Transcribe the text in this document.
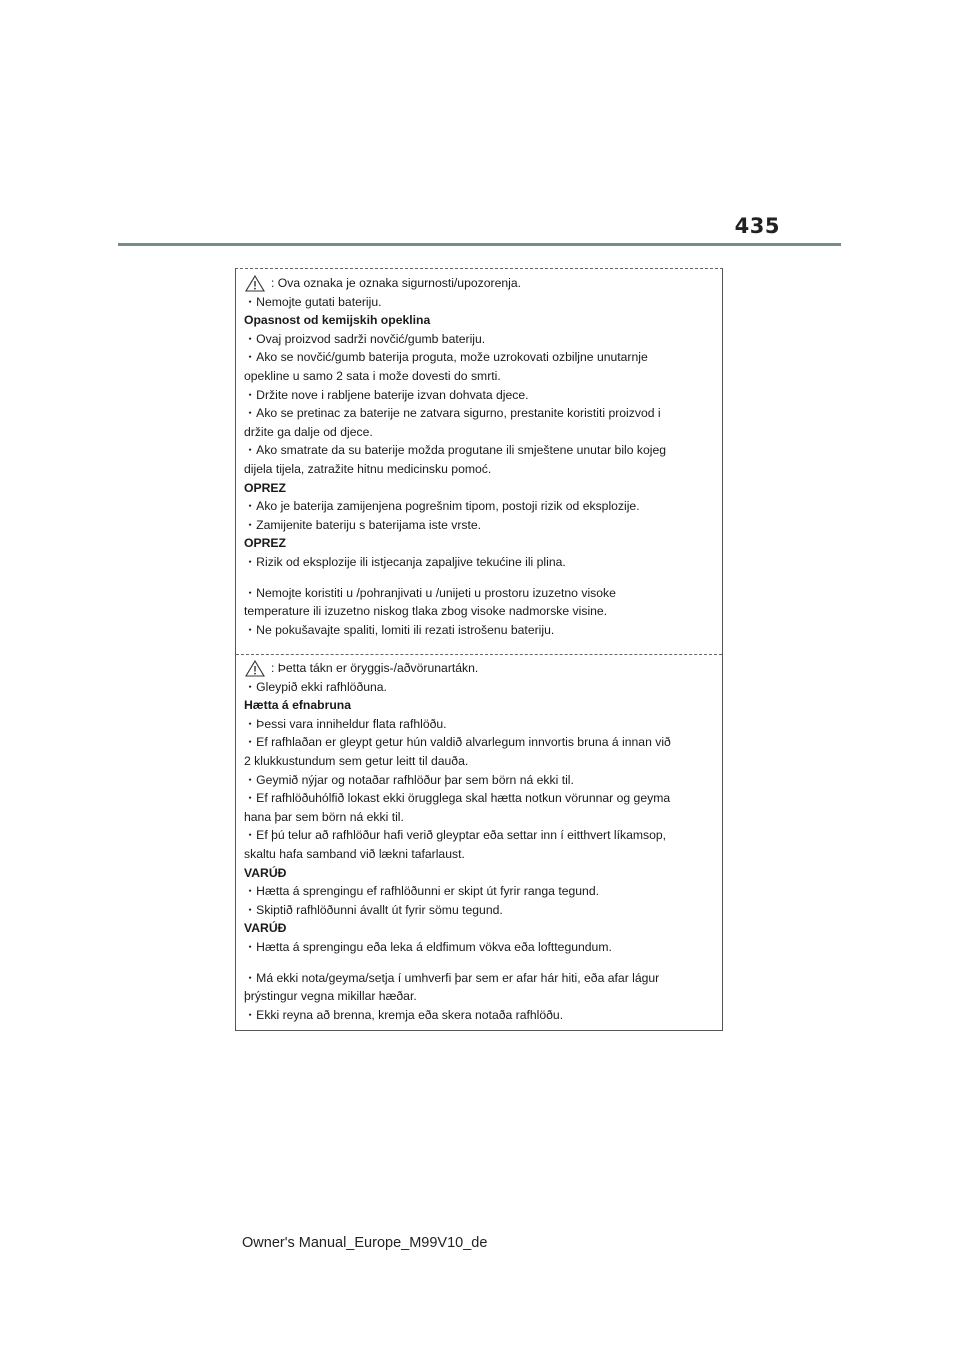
435
: Ova oznaka je oznaka sigurnosti/upozorenja.
・Nemojte gutati bateriju.
Opasnost od kemijskih opeklina
・Ovaj proizvod sadrži novčić/gumb bateriju.
・Ako se novčić/gumb baterija proguta, može uzrokovati ozbiljne unutarnje
opekline u samo 2 sata i može dovesti do smrti.
・Držite nove i rabljene baterije izvan dohvata djece.
・Ako se pretinac za baterije ne zatvara sigurno, prestanite koristiti proizvod i
držite ga dalje od djece.
・Ako smatrate da su baterije možda progutane ili smještene unutar bilo kojeg
dijela tijela, zatražite hitnu medicinsku pomoć.
OPREZ
・Ako je baterija zamijenjena pogrešnim tipom, postoji rizik od eksplozije.
・Zamijenite bateriju s baterijama iste vrste.
OPREZ
・Rizik od eksplozije ili istjecanja zapaljive tekućine ili plina.
・Nemojte koristiti u /pohranjivati u /unijeti u prostoru izuzetno visoke
temperature ili izuzetno niskog tlaka zbog visoke nadmorske visine.
・Ne pokušavajte spaliti, lomiti ili rezati istrošenu bateriju.
: Þetta tákn er öryggis-/aðvörunartákn.
・Gleypið ekki rafhlöðuna.
Hætta á efnabruna
・Þessi vara inniheldur flata rafhlöðu.
・Ef rafhlaðan er gleypt getur hún valdið alvarlegum innvortis bruna á innan við
2 klukkustundum sem getur leitt til dauða.
・Geymið nýjar og notaðar rafhlöður þar sem börn ná ekki til.
・Ef rafhlöðuhólfið lokast ekki örugglega skal hætta notkun vörunnar og geyma
hana þar sem börn ná ekki til.
・Ef þú telur að rafhlöður hafi verið gleyptar eða settar inn í eitthvert líkamsop,
skaltu hafa samband við lækni tafarlaust.
VARÚÐ
・Hætta á sprengingu ef rafhlöðunni er skipt út fyrir ranga tegund.
・Skiptið rafhlöðunni ávallt út fyrir sömu tegund.
VARÚÐ
・Hætta á sprengingu eða leka á eldfimum vökva eða lofttegundum.
・Má ekki nota/geyma/setja í umhverfi þar sem er afar hár hiti, eða afar lágur
þrýstingur vegna mikillar hæðar.
・Ekki reyna að brenna, kremja eða skera notaða rafhlöðu.
Owner's Manual_Europe_M99V10_de
